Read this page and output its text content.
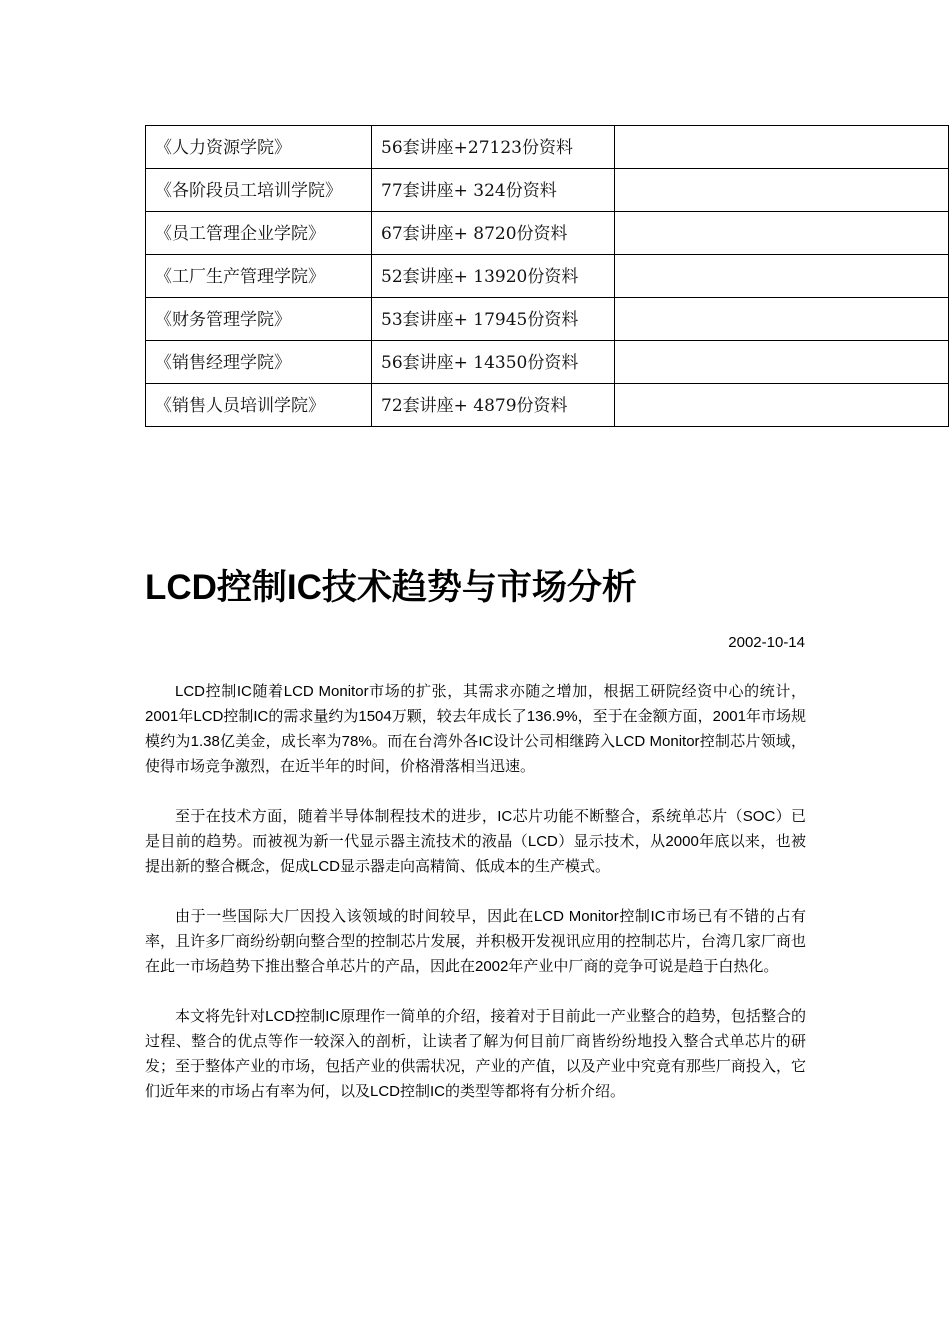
《人力资源学院》	56套讲座+27123份资料	
《各阶段员工培训学院》	77套讲座+ 324份资料	
《员工管理企业学院》	67套讲座+ 8720份资料	
《工厂生产管理学院》	52套讲座+ 13920份资料	
《财务管理学院》	53套讲座+ 17945份资料	
《销售经理学院》	56套讲座+ 14350份资料	
《销售人员培训学院》	72套讲座+ 4879份资料	
LCD控制IC技术趋势与市场分析
2002-10-14

LCD控制IC随着LCD Monitor市场的扩张，其需求亦随之增加，根据工研院经资中心的统计，2001年LCD控制IC的需求量约为1504万颗，较去年成长了136.9%，至于在金额方面，2001年市场规模约为1.38亿美金，成长率为78%。而在台湾外各IC设计公司相继跨入LCD Monitor控制芯片领域，使得市场竞争激烈，在近半年的时间，价格滑落相当迅速。

至于在技术方面，随着半导体制程技术的进步，IC芯片功能不断整合，系统单芯片（SOC）已是目前的趋势。而被视为新一代显示器主流技术的液晶（LCD）显示技术，从2000年底以来，也被提出新的整合概念，促成LCD显示器走向高精简、低成本的生产模式。

由于一些国际大厂因投入该领域的时间较早，因此在LCD Monitor控制IC市场已有不错的占有率，且许多厂商纷纷朝向整合型的控制芯片发展，并积极开发视讯应用的控制芯片，台湾几家厂商也在此一市场趋势下推出整合单芯片的产品，因此在2002年产业中厂商的竞争可说是趋于白热化。

本文将先针对LCD控制IC原理作一简单的介绍，接着对于目前此一产业整合的趋势，包括整合的过程、整合的优点等作一较深入的剖析，让读者了解为何目前厂商皆纷纷地投入整合式单芯片的研发；至于整体产业的市场，包括产业的供需状况，产业的产值，以及产业中究竟有那些厂商投入，它们近年来的市场占有率为何，以及LCD控制IC的类型等都将有分析介绍。
